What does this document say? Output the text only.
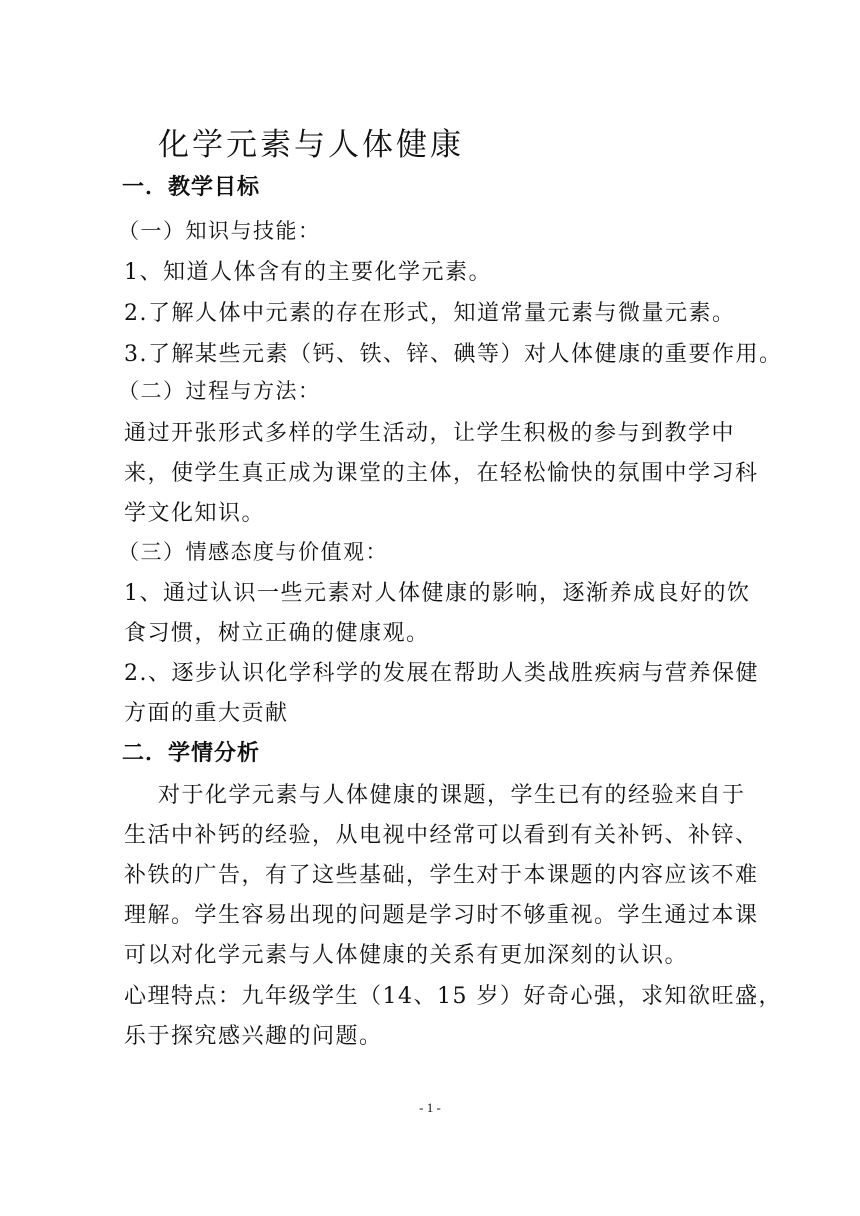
化学元素与人体健康
一．教学目标
（一）知识与技能：
1、知道人体含有的主要化学元素。
2.了解人体中元素的存在形式，知道常量元素与微量元素。
3.了解某些元素（钙、铁、锌、碘等）对人体健康的重要作用。
（二）过程与方法：
通过开张形式多样的学生活动，让学生积极的参与到教学中
来，使学生真正成为课堂的主体，在轻松愉快的氛围中学习科
学文化知识。
（三）情感态度与价值观：
1、通过认识一些元素对人体健康的影响，逐渐养成良好的饮
食习惯，树立正确的健康观。
2.、逐步认识化学科学的发展在帮助人类战胜疾病与营养保健
方面的重大贡献
二．学情分析
对于化学元素与人体健康的课题，学生已有的经验来自于
生活中补钙的经验，从电视中经常可以看到有关补钙、补锌、
补铁的广告，有了这些基础，学生对于本课题的内容应该不难
理解。学生容易出现的问题是学习时不够重视。学生通过本课
可以对化学元素与人体健康的关系有更加深刻的认识。
心理特点：九年级学生（14、15 岁）好奇心强，求知欲旺盛，
乐于探究感兴趣的问题。
- 1 -
